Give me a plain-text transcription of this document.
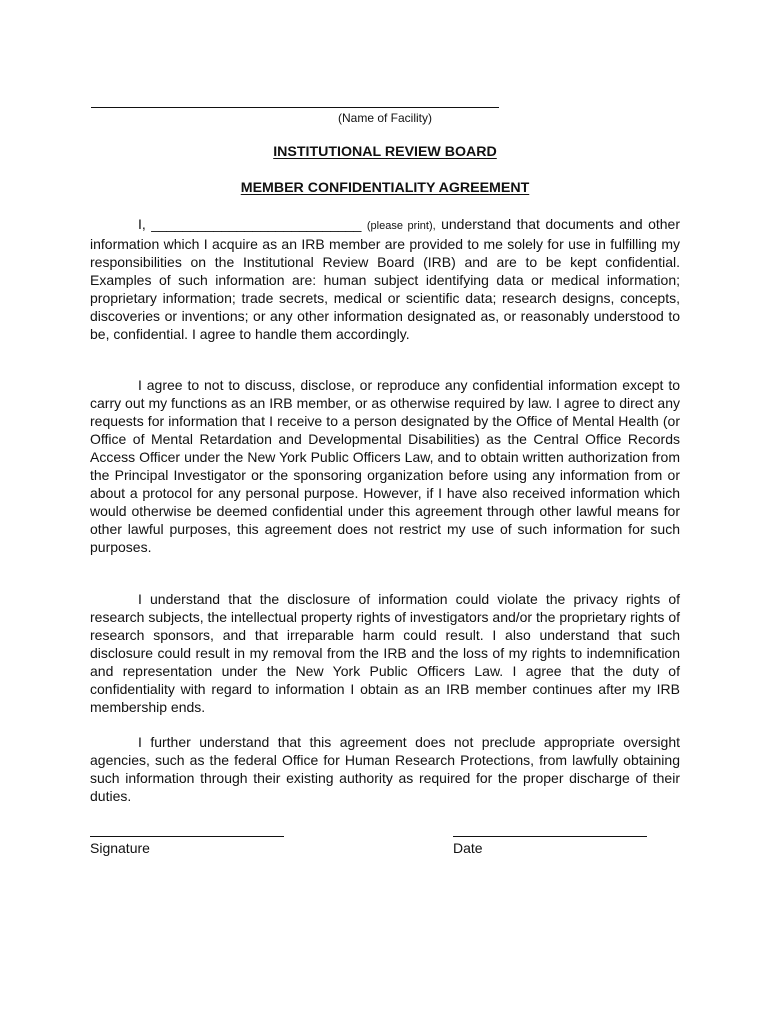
(Name of Facility)
INSTITUTIONAL REVIEW BOARD
MEMBER CONFIDENTIALITY AGREEMENT

I, ___________________________ (please print), understand that documents and other information which I acquire as an IRB member are provided to me solely for use in fulfilling my responsibilities on the Institutional Review Board (IRB) and are to be kept confidential. Examples of such information are: human subject identifying data or medical information; proprietary information; trade secrets, medical or scientific data; research designs, concepts, discoveries or inventions; or any other information designated as, or reasonably understood to be, confidential. I agree to handle them accordingly.

I agree to not to discuss, disclose, or reproduce any confidential information except to carry out my functions as an IRB member, or as otherwise required by law. I agree to direct any requests for information that I receive to a person designated by the Office of Mental Health (or Office of Mental Retardation and Developmental Disabilities) as the Central Office Records Access Officer under the New York Public Officers Law, and to obtain written authorization from the Principal Investigator or the sponsoring organization before using any information from or about a protocol for any personal purpose. However, if I have also received information which would otherwise be deemed confidential under this agreement through other lawful means for other lawful purposes, this agreement does not restrict my use of such information for such purposes.

I understand that the disclosure of information could violate the privacy rights of research subjects, the intellectual property rights of investigators and/or the proprietary rights of research sponsors, and that irreparable harm could result. I also understand that such disclosure could result in my removal from the IRB and the loss of my rights to indemnification and representation under the New York Public Officers Law. I agree that the duty of confidentiality with regard to information I obtain as an IRB member continues after my IRB membership ends.

I further understand that this agreement does not preclude appropriate oversight agencies, such as the federal Office for Human Research Protections, from lawfully obtaining such information through their existing authority as required for the proper discharge of their duties.

Signature	Date
